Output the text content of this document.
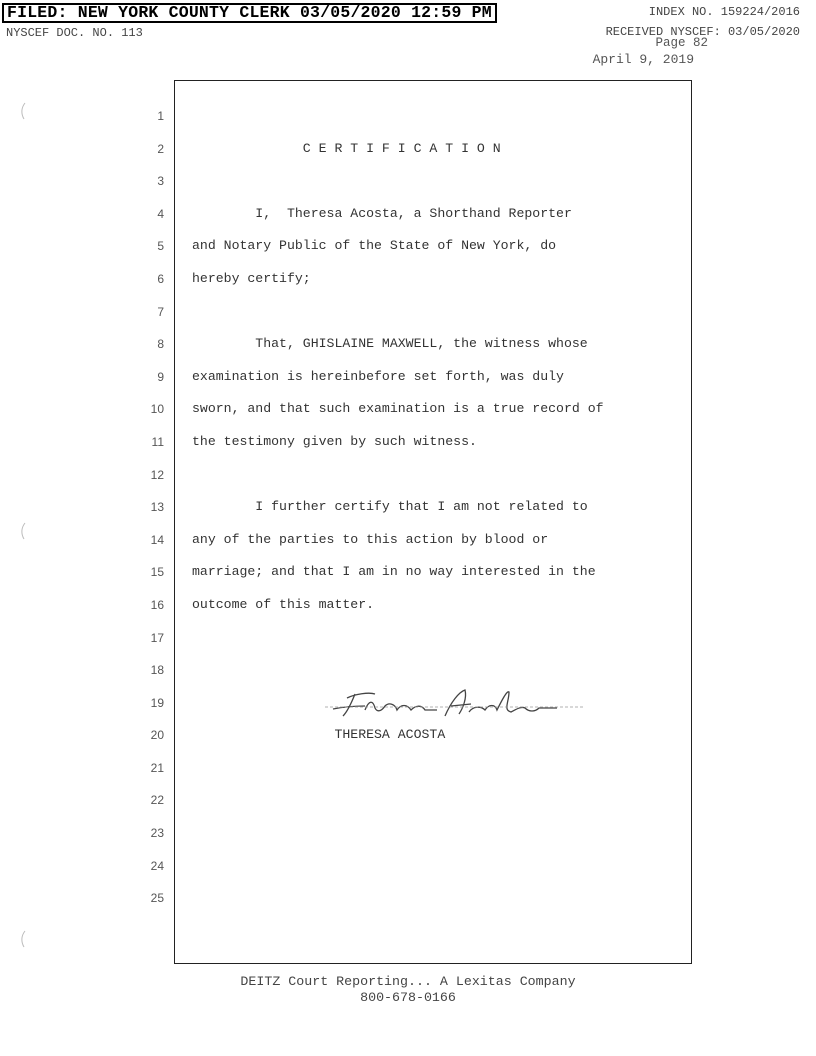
FILED: NEW YORK COUNTY CLERK 03/05/2020 12:59 PM	INDEX NO. 159224/2016
NYSCEF DOC. NO. 113	RECEIVED NYSCEF: 03/05/2020
Page 82
April 9, 2019
1
2
3
4
5
6
7
8
9
10
11
12
13
14
15
16
17
18
19
20
21
22
23
24
25
C E R T I F I C A T I O N
I,  Theresa Acosta, a Shorthand Reporter
and Notary Public of the State of New York, do
hereby certify;
That, GHISLAINE MAXWELL, the witness whose
examination is hereinbefore set forth, was duly
sworn, and that such examination is a true record of
the testimony given by such witness.
I further certify that I am not related to
any of the parties to this action by blood or
marriage; and that I am in no way interested in the
outcome of this matter.
THERESA ACOSTA
DEITZ Court Reporting... A Lexitas Company
800-678-0166
